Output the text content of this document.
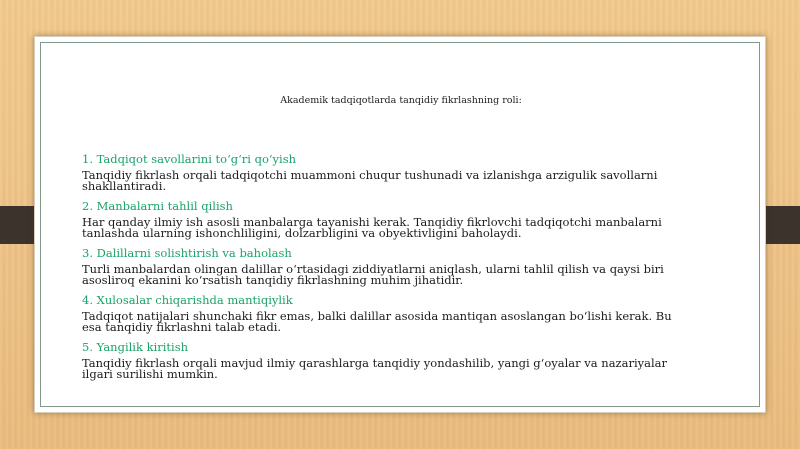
Akademik tadqiqotlarda tanqidiy fikrlashning roli:
1. Tadqiqot savollarini to‘g‘ri qo‘yish
Tanqidiy fikrlash orqali tadqiqotchi muammoni chuqur tushunadi va izlanishga arzigulik savollarni shakllantiradi.
2. Manbalarni tahlil qilish
Har qanday ilmiy ish asosli manbalarga tayanishi kerak. Tanqidiy fikrlovchi tadqiqotchi manbalarni tanlashda ularning ishonchliligini, dolzarbligini va obyektivligini baholaydi.
3. Dalillarni solishtirish va baholash
Turli manbalardan olingan dalillar o‘rtasidagi ziddiyatlarni aniqlash, ularni tahlil qilish va qaysi biri asosliroq ekanini ko‘rsatish tanqidiy fikrlashning muhim jihatidir.
4. Xulosalar chiqarishda mantiqiylik
Tadqiqot natijalari shunchaki fikr emas, balki dalillar asosida mantiqan asoslangan bo‘lishi kerak. Bu esa tanqidiy fikrlashni talab etadi.
5. Yangilik kiritish
Tanqidiy fikrlash orqali mavjud ilmiy qarashlarga tanqidiy yondashilib, yangi g‘oyalar va nazariyalar ilgari surilishi mumkin.
